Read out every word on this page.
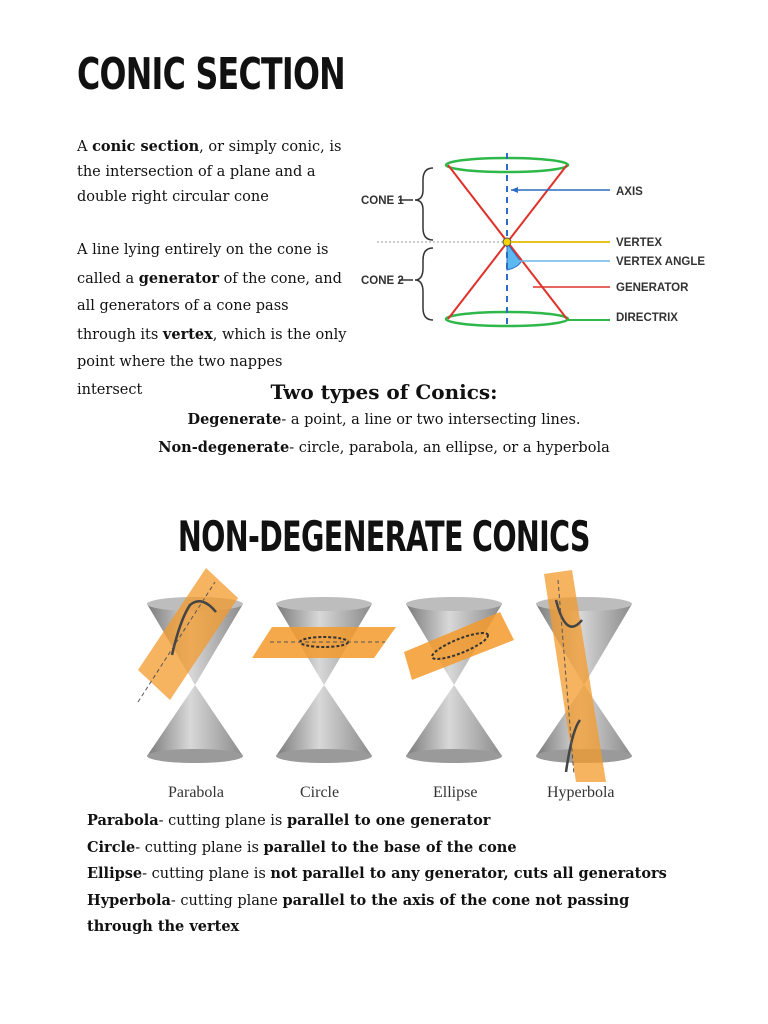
CONIC SECTION

A conic section, or simply conic, is the intersection of a plane and a double right circular cone

A line lying entirely on the cone is called a generator of the cone, and all generators of a cone pass through its vertex, which is the only point where the two nappes intersect

CONE 1
CONE 2
AXIS
VERTEX
VERTEX ANGLE
GENERATOR
DIRECTRIX
Two types of Conics:
Degenerate- a point, a line or two intersecting lines.
Non-degenerate- circle, parabola, an ellipse, or a hyperbola
NON-DEGENERATE CONICS
Parabola	Circle	Ellipse	Hyperbola

Parabola- cutting plane is parallel to one generator

Circle- cutting plane is parallel to the base of the cone

Ellipse- cutting plane is not parallel to any generator, cuts all generators

Hyperbola- cutting plane parallel to the axis of the cone not passing through the vertex
